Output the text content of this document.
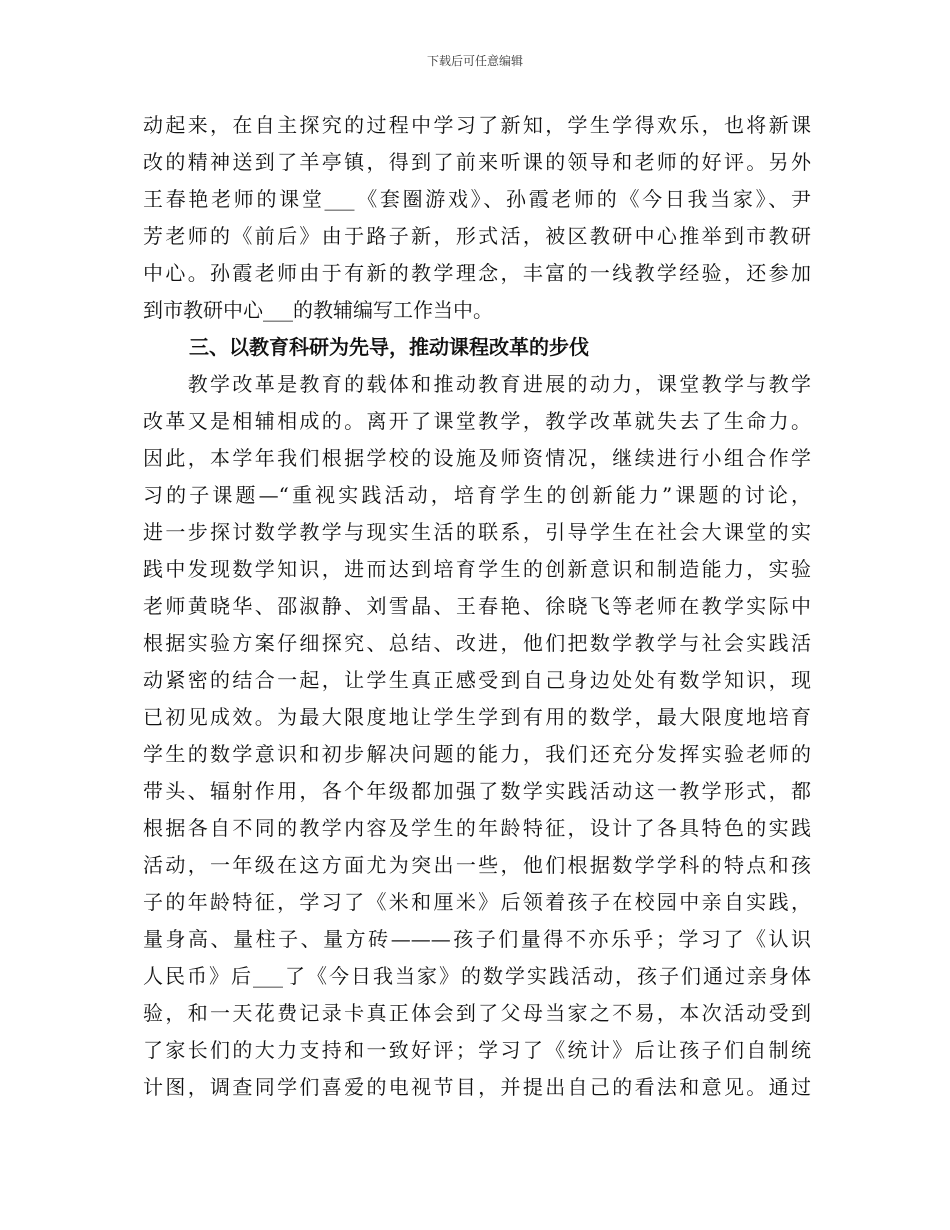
下载后可任意编辑
动起来，在自主探究的过程中学习了新知，学生学得欢乐，也将新课
改的精神送到了羊亭镇，得到了前来听课的领导和老师的好评。另外
王春艳老师的课堂___《套圈游戏》、孙霞老师的《今日我当家》、尹
芳老师的《前后》由于路子新，形式活，被区教研中心推举到市教研
中心。孙霞老师由于有新的教学理念，丰富的一线教学经验，还参加
到市教研中心___的教辅编写工作当中。
三、以教育科研为先导，推动课程改革的步伐
　　教学改革是教育的载体和推动教育进展的动力，课堂教学与教学
改革又是相辅相成的。离开了课堂教学，教学改革就失去了生命力。
因此，本学年我们根据学校的设施及师资情况，继续进行小组合作学
习的子课题—“重视实践活动，培育学生的创新能力”课题的讨论，
进一步探讨数学教学与现实生活的联系，引导学生在社会大课堂的实
践中发现数学知识，进而达到培育学生的创新意识和制造能力，实验
老师黄晓华、邵淑静、刘雪晶、王春艳、徐晓飞等老师在教学实际中
根据实验方案仔细探究、总结、改进，他们把数学教学与社会实践活
动紧密的结合一起，让学生真正感受到自己身边处处有数学知识，现
已初见成效。为最大限度地让学生学到有用的数学，最大限度地培育
学生的数学意识和初步解决问题的能力，我们还充分发挥实验老师的
带头、辐射作用，各个年级都加强了数学实践活动这一教学形式，都
根据各自不同的教学内容及学生的年龄特征，设计了各具特色的实践
活动，一年级在这方面尤为突出一些，他们根据数学学科的特点和孩
子的年龄特征，学习了《米和厘米》后领着孩子在校园中亲自实践，
量身高、量柱子、量方砖———孩子们量得不亦乐乎；学习了《认识
人民币》后___了《今日我当家》的数学实践活动，孩子们通过亲身体
验，和一天花费记录卡真正体会到了父母当家之不易，本次活动受到
了家长们的大力支持和一致好评；学习了《统计》后让孩子们自制统
计图，调查同学们喜爱的电视节目，并提出自己的看法和意见。通过
